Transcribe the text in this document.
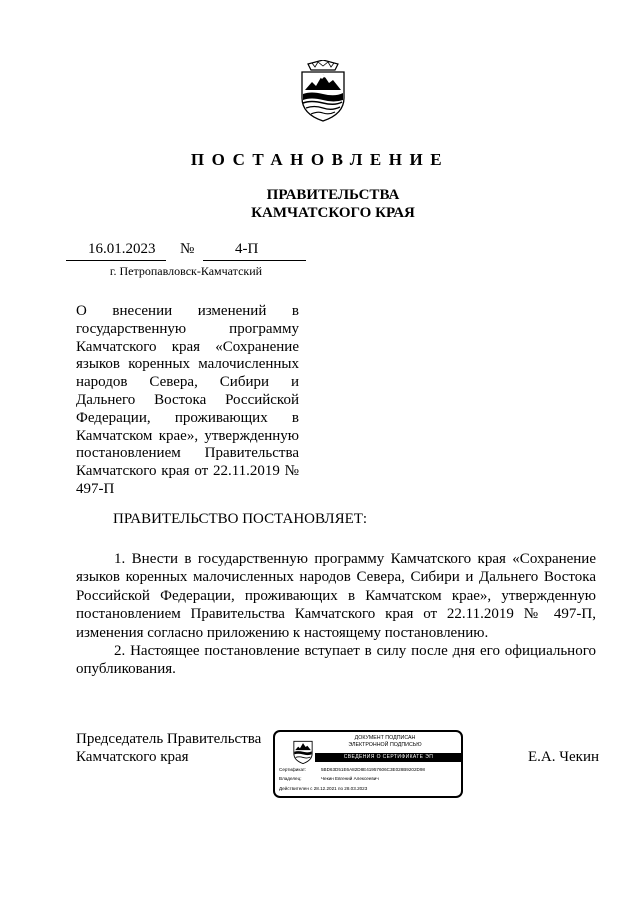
ПОСТАНОВЛЕНИЕ
ПРАВИТЕЛЬСТВА
КАМЧАТСКОГО КРАЯ
16.01.2023 №	4-П
г. Петропавловск-Камчатский
О внесении изменений в государственную программу Камчатского края «Сохранение языков коренных малочисленных народов Севера, Сибири и Дальнего Востока Российской Федерации, проживающих в Камчатском крае», утвержденную постановлением Правительства Камчатского края от 22.11.2019 № 497-П
ПРАВИТЕЛЬСТВО ПОСТАНОВЛЯЕТ:
1. Внести в государственную программу Камчатского края «Сохранение языков коренных малочисленных народов Севера, Сибири и Дальнего Востока Российской Федерации, проживающих в Камчатском крае», утвержденную постановлением Правительства Камчатского края от 22.11.2019 № 497-П, изменения согласно приложению к настоящему постановлению.
2. Настоящее постановление вступает в силу после дня его официального опубликования.
Председатель Правительства
Камчатского края	Е.А. Чекин
ДОКУМЕНТ ПОДПИСАН
ЭЛЕКТРОННОЙ ПОДПИСЬЮ
СВЕДЕНИЯ О СЕРТИФИКАТЕ ЭП
Сертификат:	5BD63D51E6A82D8E41957606C3E028B9202D98
Владелец:	Чекин Евгений Алексеевич
Действителен с 28.12.2021 по 28.03.2023
